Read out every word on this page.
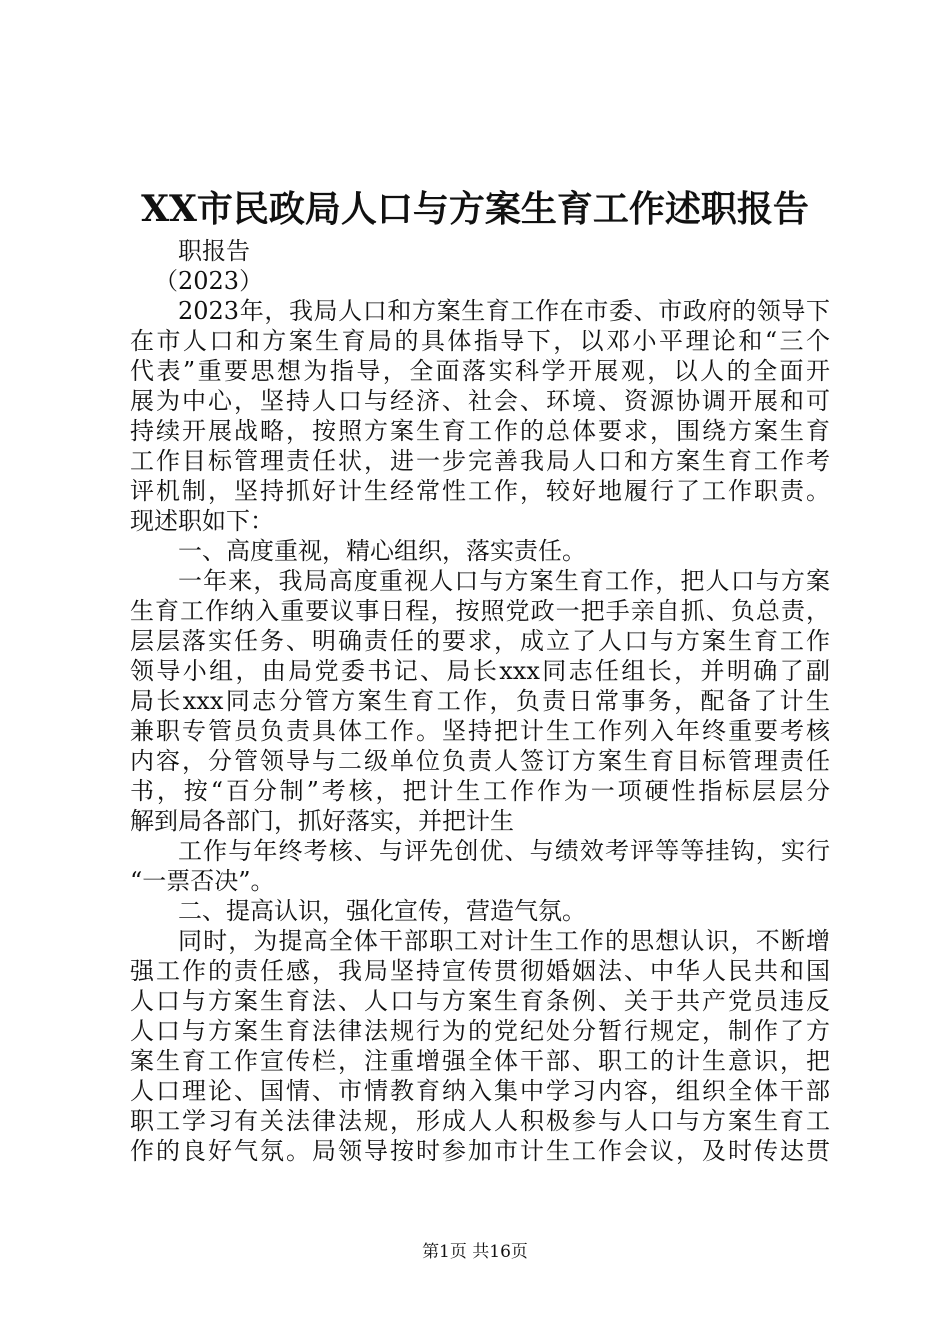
XX市民政局人口与方案生育工作述职报告
职报告
（2023）
2023年，我局人口和方案生育工作在市委、市政府的领导下
在市人口和方案生育局的具体指导下，以邓小平理论和“三个
代表”重要思想为指导，全面落实科学开展观，以人的全面开
展为中心，坚持人口与经济、社会、环境、资源协调开展和可
持续开展战略，按照方案生育工作的总体要求，围绕方案生育
工作目标管理责任状，进一步完善我局人口和方案生育工作考
评机制，坚持抓好计生经常性工作，较好地履行了工作职责。
现述职如下：
一、高度重视，精心组织，落实责任。
一年来，我局高度重视人口与方案生育工作，把人口与方案
生育工作纳入重要议事日程，按照党政一把手亲自抓、负总责，
层层落实任务、明确责任的要求，成立了人口与方案生育工作
领导小组，由局党委书记、局长xxx同志任组长，并明确了副
局长xxx同志分管方案生育工作，负责日常事务，配备了计生
兼职专管员负责具体工作。坚持把计生工作列入年终重要考核
内容，分管领导与二级单位负责人签订方案生育目标管理责任
书，按“百分制”考核，把计生工作作为一项硬性指标层层分
解到局各部门，抓好落实，并把计生
工作与年终考核、与评先创优、与绩效考评等等挂钩，实行
“一票否决”。
二、提高认识，强化宣传，营造气氛。
同时，为提高全体干部职工对计生工作的思想认识，不断增
强工作的责任感，我局坚持宣传贯彻婚姻法、中华人民共和国
人口与方案生育法、人口与方案生育条例、关于共产党员违反
人口与方案生育法律法规行为的党纪处分暂行规定，制作了方
案生育工作宣传栏，注重增强全体干部、职工的计生意识，把
人口理论、国情、市情教育纳入集中学习内容，组织全体干部
职工学习有关法律法规，形成人人积极参与人口与方案生育工
作的良好气氛。局领导按时参加市计生工作会议，及时传达贯
第1页 共16页
